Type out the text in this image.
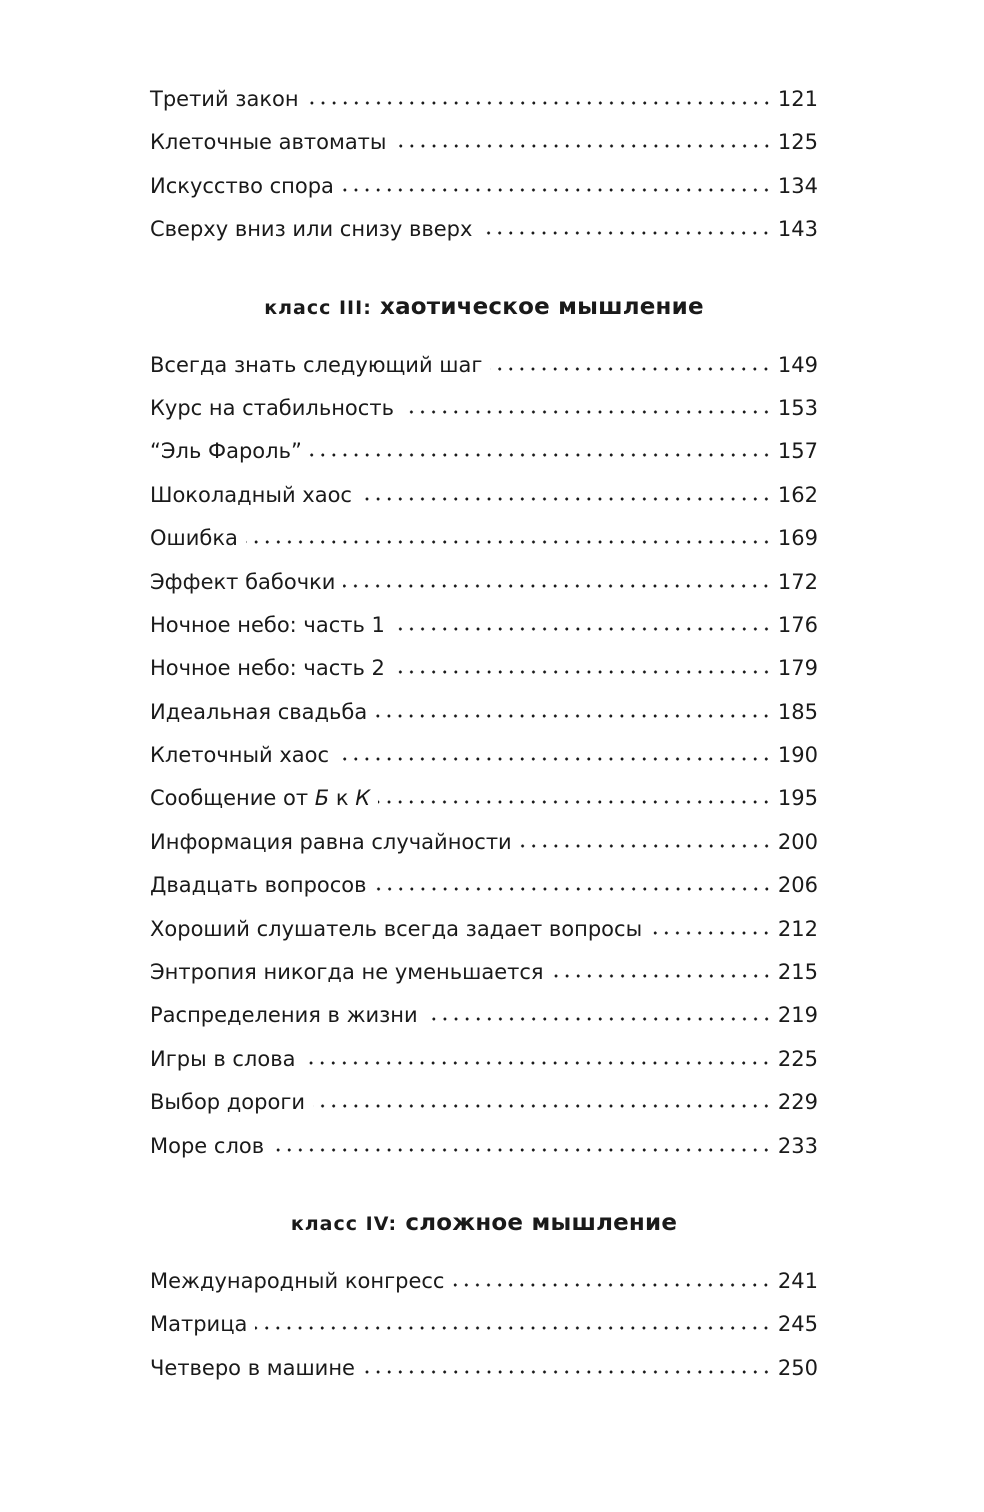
Третий закон	121
Клеточные автоматы	125
Искусство спора	134
Сверху вниз или снизу вверх	143
класс III: хаотическое мышление
Всегда знать следующий шаг	149
Курс на стабильность	153
“Эль Фароль”	157
Шоколадный хаос	162
Ошибка	169
Эффект бабочки	172
Ночное небо: часть 1	176
Ночное небо: часть 2	179
Идеальная свадьба	185
Клеточный хаос	190
Сообщение от Б к К	195
Информация равна случайности	200
Двадцать вопросов	206
Хороший слушатель всегда задает вопросы	212
Энтропия никогда не уменьшается	215
Распределения в жизни	219
Игры в слова	225
Выбор дороги	229
Море слов	233
класс IV: сложное мышление
Международный конгресс	241
Матрица	245
Четверо в машине	250
